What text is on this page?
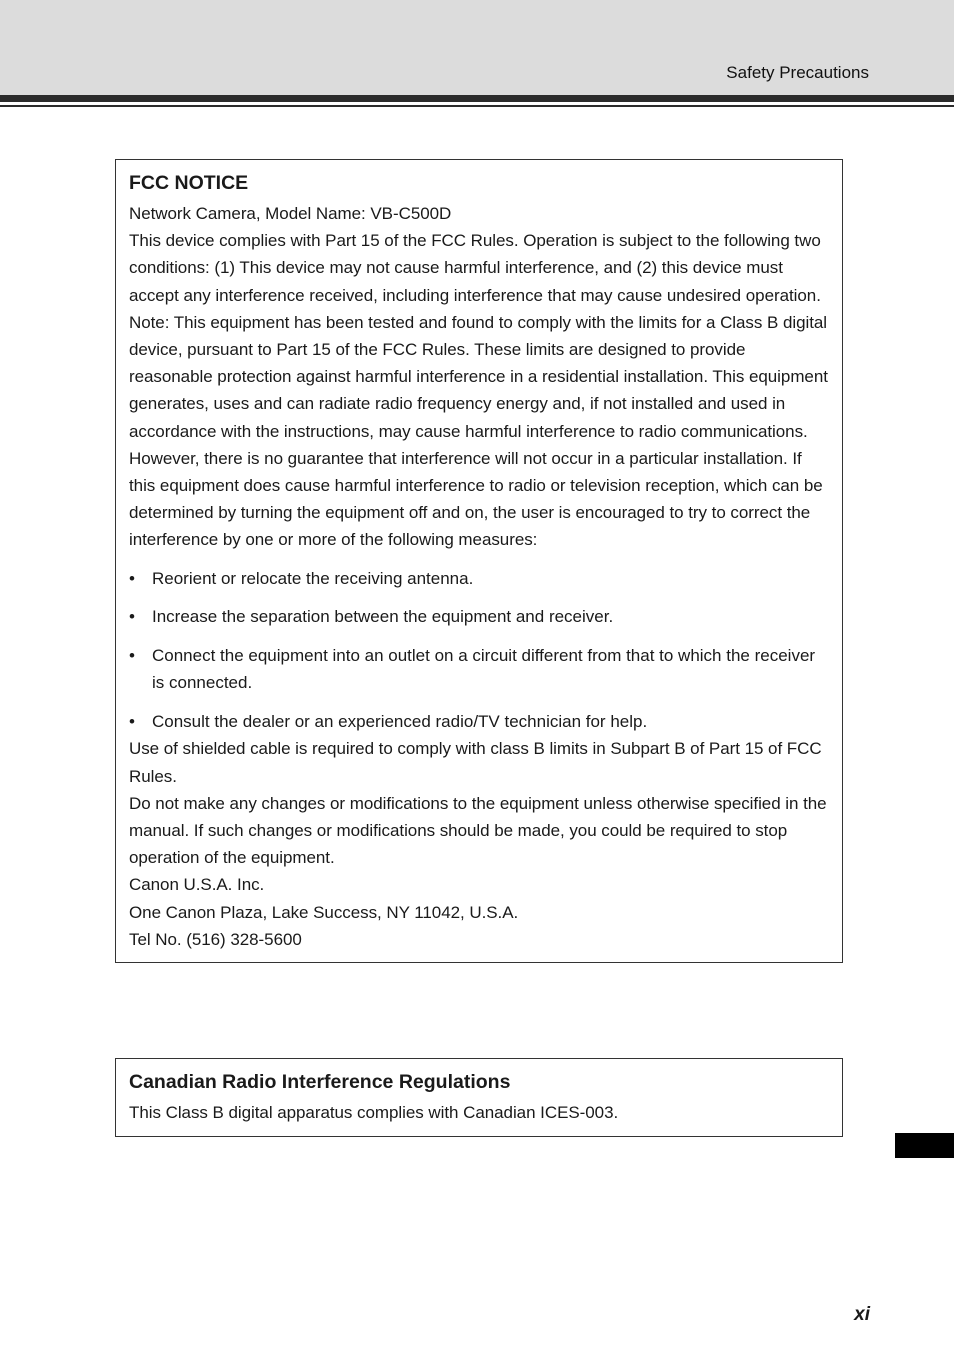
Safety Precautions
FCC NOTICE

Network Camera, Model Name: VB-C500D

This device complies with Part 15 of the FCC Rules. Operation is subject to the following two conditions: (1) This device may not cause harmful interference, and (2) this device must accept any interference received, including interference that may cause undesired operation.

Note: This equipment has been tested and found to comply with the limits for a Class B digital device, pursuant to Part 15 of the FCC Rules. These limits are designed to provide reasonable protection against harmful interference in a residential installation. This equipment generates, uses and can radiate radio frequency energy and, if not installed and used in accordance with the instructions, may cause harmful interference to radio communications.

However, there is no guarantee that interference will not occur in a particular installation. If this equipment does cause harmful interference to radio or television reception, which can be determined by turning the equipment off and on, the user is encouraged to try to correct the interference by one or more of the following measures:

• Reorient or relocate the receiving antenna.
• Increase the separation between the equipment and receiver.
• Connect the equipment into an outlet on a circuit different from that to which the receiver is connected.
• Consult the dealer or an experienced radio/TV technician for help.

Use of shielded cable is required to comply with class B limits in Subpart B of Part 15 of FCC Rules.

Do not make any changes or modifications to the equipment unless otherwise specified in the manual. If such changes or modifications should be made, you could be required to stop operation of the equipment.

Canon U.S.A. Inc.

One Canon Plaza, Lake Success, NY 11042, U.S.A.

Tel No. (516) 328-5600

Canadian Radio Interference Regulations

This Class B digital apparatus complies with Canadian ICES-003.

xi
